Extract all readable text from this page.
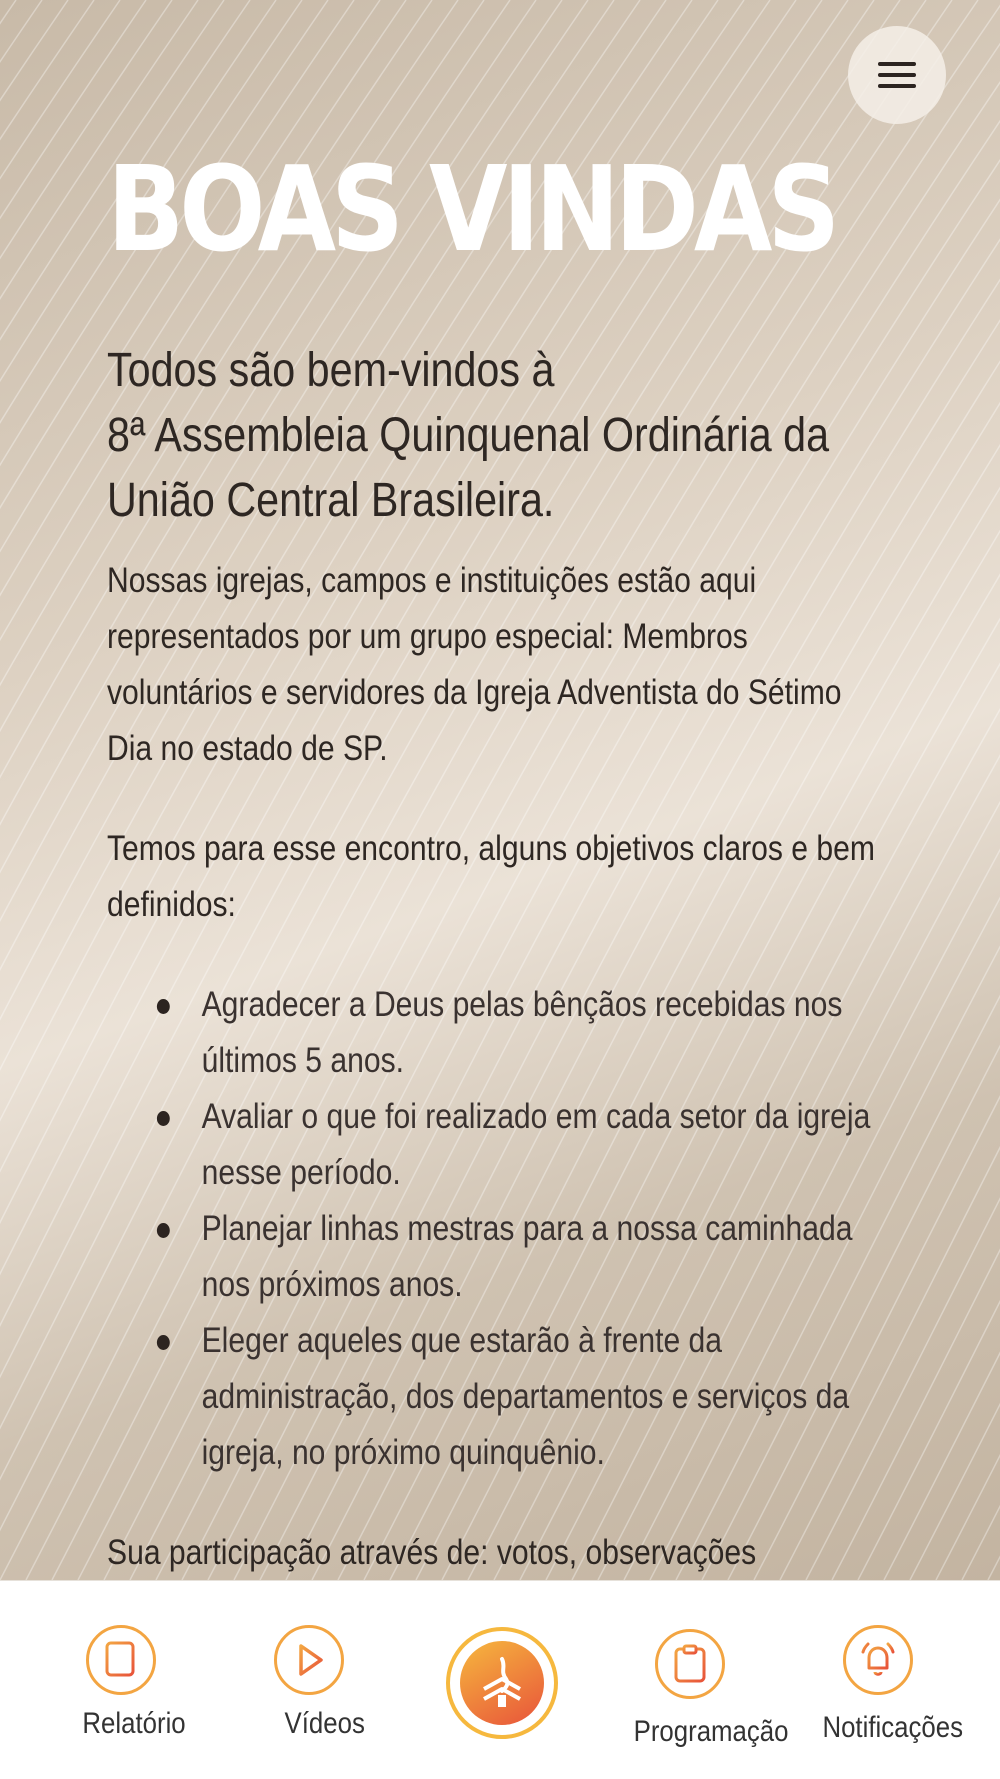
BOAS VINDAS
Todos são bem-vindos à
8ª Assembleia Quinquenal Ordinária da
União Central Brasileira.
Nossas igrejas, campos e instituições estão aqui representados por um grupo especial: Membros voluntários e servidores da Igreja Adventista do Sétimo Dia no estado de SP.
Temos para esse encontro, alguns objetivos claros e bem definidos:
Agradecer a Deus pelas bênçãos recebidas nos últimos 5 anos.
Avaliar o que foi realizado em cada setor da igreja nesse período.
Planejar linhas mestras para a nossa caminhada nos próximos anos.
Eleger aqueles que estarão à frente da administração, dos departamentos e serviços da igreja, no próximo quinquênio.
Sua participação através de: votos, observações
Relatório	Vídeos	Programação Notificações
